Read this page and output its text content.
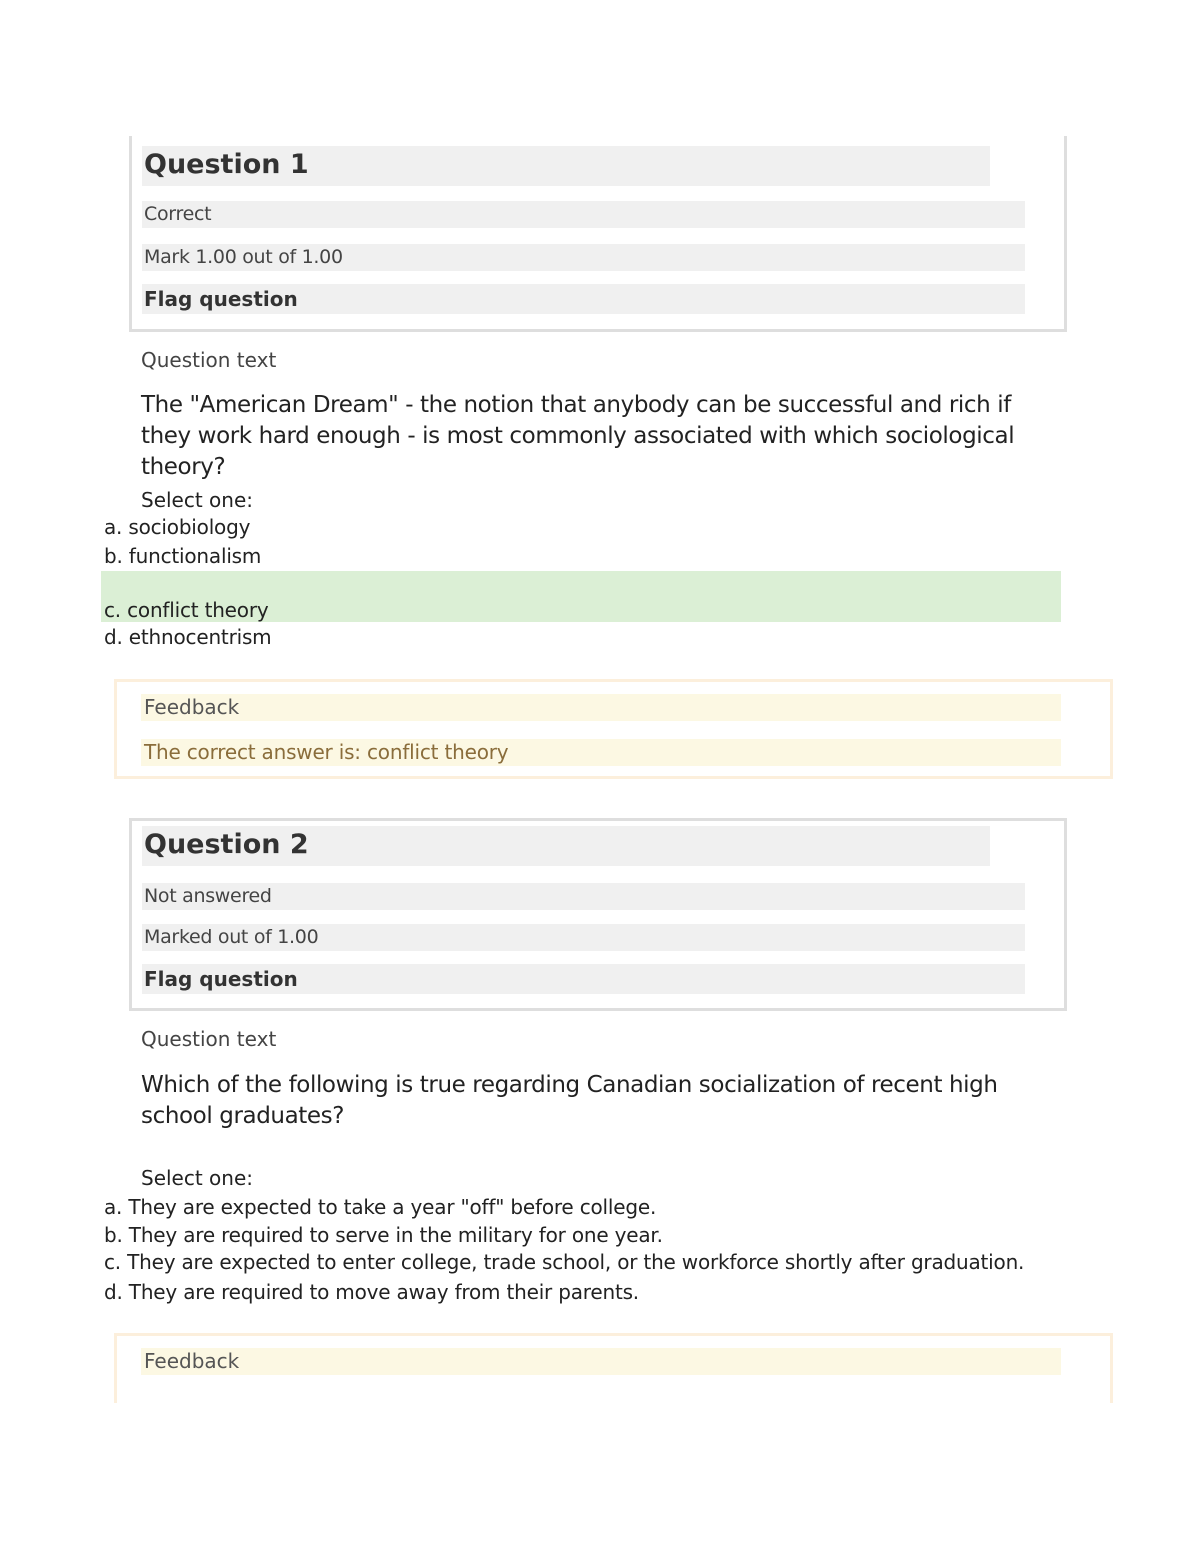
Question 1
Correct
Mark 1.00 out of 1.00
Flag question
Question text
The "American Dream" - the notion that anybody can be successful and rich if they work hard enough - is most commonly associated with which sociological theory?
Select one:
a. sociobiology
b. functionalism
c. conflict theory
d. ethnocentrism
Feedback
The correct answer is: conflict theory
Question 2
Not answered
Marked out of 1.00
Flag question
Question text
Which of the following is true regarding Canadian socialization of recent high school graduates?
Select one:
a. They are expected to take a year "off" before college.
b. They are required to serve in the military for one year.
c. They are expected to enter college, trade school, or the workforce shortly after graduation.
d. They are required to move away from their parents.
Feedback
